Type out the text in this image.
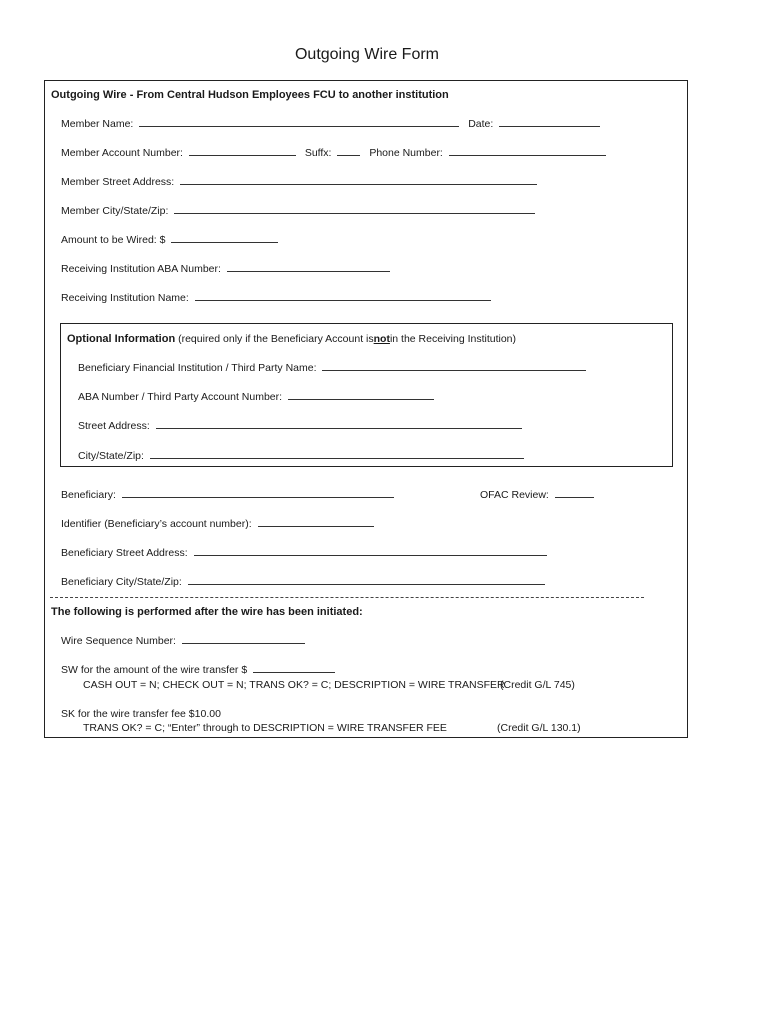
Outgoing Wire Form
Outgoing Wire - From Central Hudson Employees FCU to another institution
Member Name:	Date:
Member Account Number:	Suffx:	Phone Number:
Member Street Address:
Member City/State/Zip:
Amount to be Wired: $
Receiving Institution ABA Number:
Receiving Institution Name:
Optional Information (required only if the Beneficiary Account isnotin the Receiving Institution)
Beneficiary Financial Institution / Third Party Name:
ABA Number / Third Party Account Number:
Street Address:
City/State/Zip:
Beneficiary:	OFAC Review:
Identifier (Beneficiary’s account number):
Beneficiary Street Address:
Beneficiary City/State/Zip:
The following is performed after the wire has been initiated:
Wire Sequence Number:
SW for the amount of the wire transfer $
CASH OUT = N; CHECK OUT = N; TRANS OK? = C; DESCRIPTION = WIRE TRANSFER
(Credit G/L 745)
SK for the wire transfer fee $10.00
TRANS OK? = C; “Enter” through to DESCRIPTION = WIRE TRANSFER FEE	(Credit G/L 130.1)
